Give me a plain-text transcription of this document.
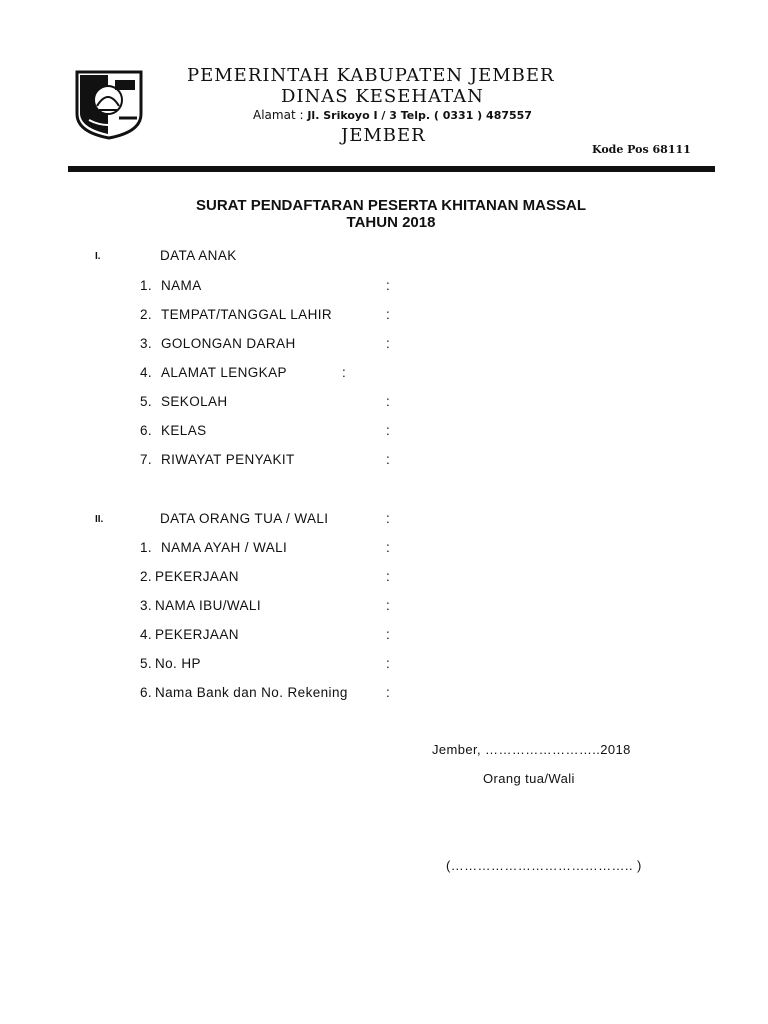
PEMERINTAH KABUPATEN JEMBER
DINAS KESEHATAN
Alamat : Jl. Srikoyo I / 3 Telp. ( 0331 ) 487557
JEMBER
Kode Pos 68111
SURAT PENDAFTARAN PESERTA KHITANAN MASSAL
TAHUN 2018
I.	DATA ANAK
1. NAMA	:
2. TEMPAT/TANGGAL LAHIR	:
3. GOLONGAN DARAH	:
4. ALAMAT LENGKAP	:
5. SEKOLAH	:
6. KELAS	:
7. RIWAYAT PENYAKIT	:
II.	DATA ORANG TUA / WALI	:
1. NAMA AYAH / WALI	:
2. PEKERJAAN	:
3. NAMA IBU/WALI	:
4. PEKERJAAN	:
5. No. HP	:
6. Nama Bank dan No. Rekening	:
Jember, ……………………..2018
Orang tua/Wali
(………………………………….. )
